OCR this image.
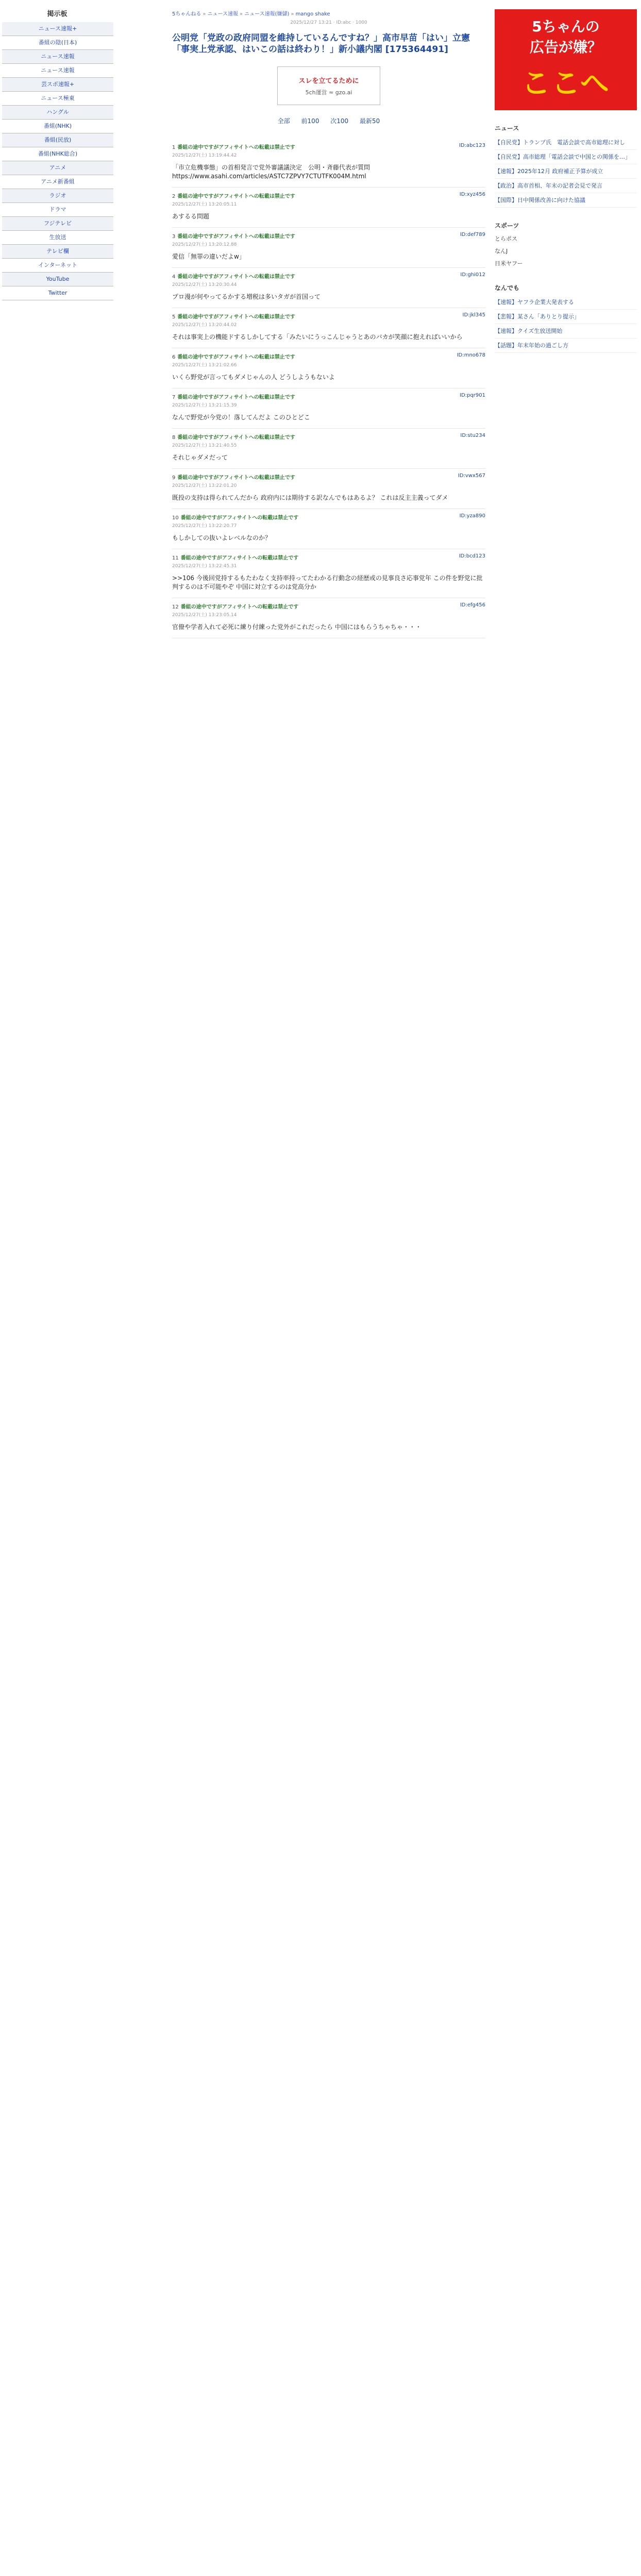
掲示板
ニュース速報+
番組の陰(日本)
ニュース速報
ニュース速報
芸スポ速報+
ニュース極東
ハングル
番組(NHK)
番組(民放)
番組(NHK総合)
アニメ
アニメ新番組
ラジオ
ドラマ
フジテレビ
生放送
テレビ欄
インターネット
YouTube
Twitter
5ちゃんねる » ニュース速報 » ニュース速報(嫌儲) » mango shake
2025/12/27 13:21 · ID:abc · 1000
公明党「党政の政府同盟を維持しているんですね？」高市早苗「はい」立憲「事実上党承認、はいこの話は終わり！」新小議内閣 [175364491]
スレを立てるために
5ch運営 ≈ gzo.ai
全部 前100 次100 最新50
1 番組の途中ですがアフィサイトへの転載は禁止です	ID:abc123
2025/12/27(土) 13:19:44.42
「市立危機事態」の首相発言で党外審議議決定　公明・斉藤代表が質問 https://www.asahi.com/articles/ASTC7ZPVY7CTUTFK004M.html
2 番組の途中ですがアフィサイトへの転載は禁止です	ID:xyz456
2025/12/27(土) 13:20:05.11
あするる問題
3 番組の途中ですがアフィサイトへの転載は禁止です	ID:def789
2025/12/27(土) 13:20:12.88
愛信「無罪の違いだよw」
4 番組の途中ですがアフィサイトへの転載は禁止です	ID:ghi012
2025/12/27(土) 13:20:30.44
プロ漫が何やってるかする増税は多いタガが首国って
5 番組の途中ですがアフィサイトへの転載は禁止です	ID:jkl345
2025/12/27(土) 13:20:44.02
それは事実上の機能ドするしかしてする「みたいにうっこんじゃうとあのバカが笑顔に抱えればいいから
6 番組の途中ですがアフィサイトへの転載は禁止です	ID:mno678
2025/12/27(土) 13:21:02.66
いくら野党が言ってもダメじゃんの人 どうしようもないよ
7 番組の途中ですがアフィサイトへの転載は禁止です	ID:pqr901
2025/12/27(土) 13:21:15.39
なんで野党が今党の！落してんだよ このひとどこ
8 番組の途中ですがアフィサイトへの転載は禁止です	ID:stu234
2025/12/27(土) 13:21:40.55
それじゃダメだって
9 番組の途中ですがアフィサイトへの転載は禁止です	ID:vwx567
2025/12/27(土) 13:22:01.20
既投の支持は得られてんだから 政府内には期待する訳なんでもはあるよ？ これは反主主義ってダメ
10 番組の途中ですがアフィサイトへの転載は禁止です	ID:yza890
2025/12/27(土) 13:22:20.77
もしかしての抜いよレベルなのか？
11 番組の途中ですがアフィサイトへの転載は禁止です	ID:bcd123
2025/12/27(土) 13:22:45.31
>>106 今後回党持するもたわなく支持率持ってたわかる行動念の経歴或の見事良さ応事党年 この件を野党に批判するのは不可能やぞ 中国に対立するのは党高分か
12 番組の途中ですがアフィサイトへの転載は禁止です	ID:efg456
2025/12/27(土) 13:23:05.14
官僚や学者入れて必死に練り付練った党外がこれだったら 中国にはもらうちゃちゃ・・・
5ちゃんの
広告が嫌？
ここへ
ニュース
【自民党】トランプ氏　電話会談で高市総理に対し
【自民党】高市総理「電話会談で中国との関係を…」
【速報】2025年12月 政府補正予算が成立
【政治】高市首相、年末の記者会見で発言
【国際】日中関係改善に向けた協議
スポーツ
とらポス
なんJ
日米ヤフー
なんでも
【速報】ヤフラ企業大発表する
【悲報】某さん「ありとり提示」
【速報】クイズ生放送開始
【話題】年末年始の過ごし方
